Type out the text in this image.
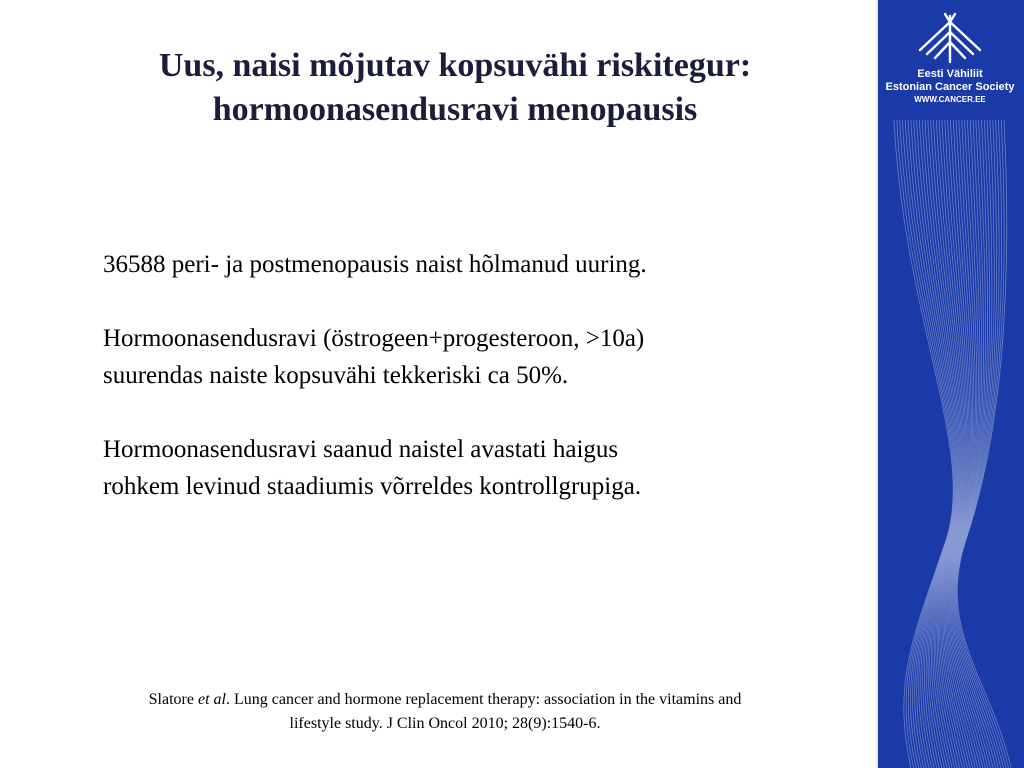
Uus, naisi mõjutav kopsuvähi riskitegur:
hormoonasendusravi menopausis

36588 peri- ja postmenopausis naist hõlmanud uuring.

Hormoonasendusravi (östrogeen+progesteroon, >10a)
suurendas naiste kopsuvähi tekkeriski ca 50%.

Hormoonasendusravi saanud naistel avastati haigus
rohkem levinud staadiumis võrreldes kontrollgrupiga.

Slatore et al. Lung cancer and hormone replacement therapy: association in the vitamins and
lifestyle study. J Clin Oncol 2010; 28(9):1540-6.
Eesti Vähiliit
Estonian Cancer Society
WWW.CANCER.EE
